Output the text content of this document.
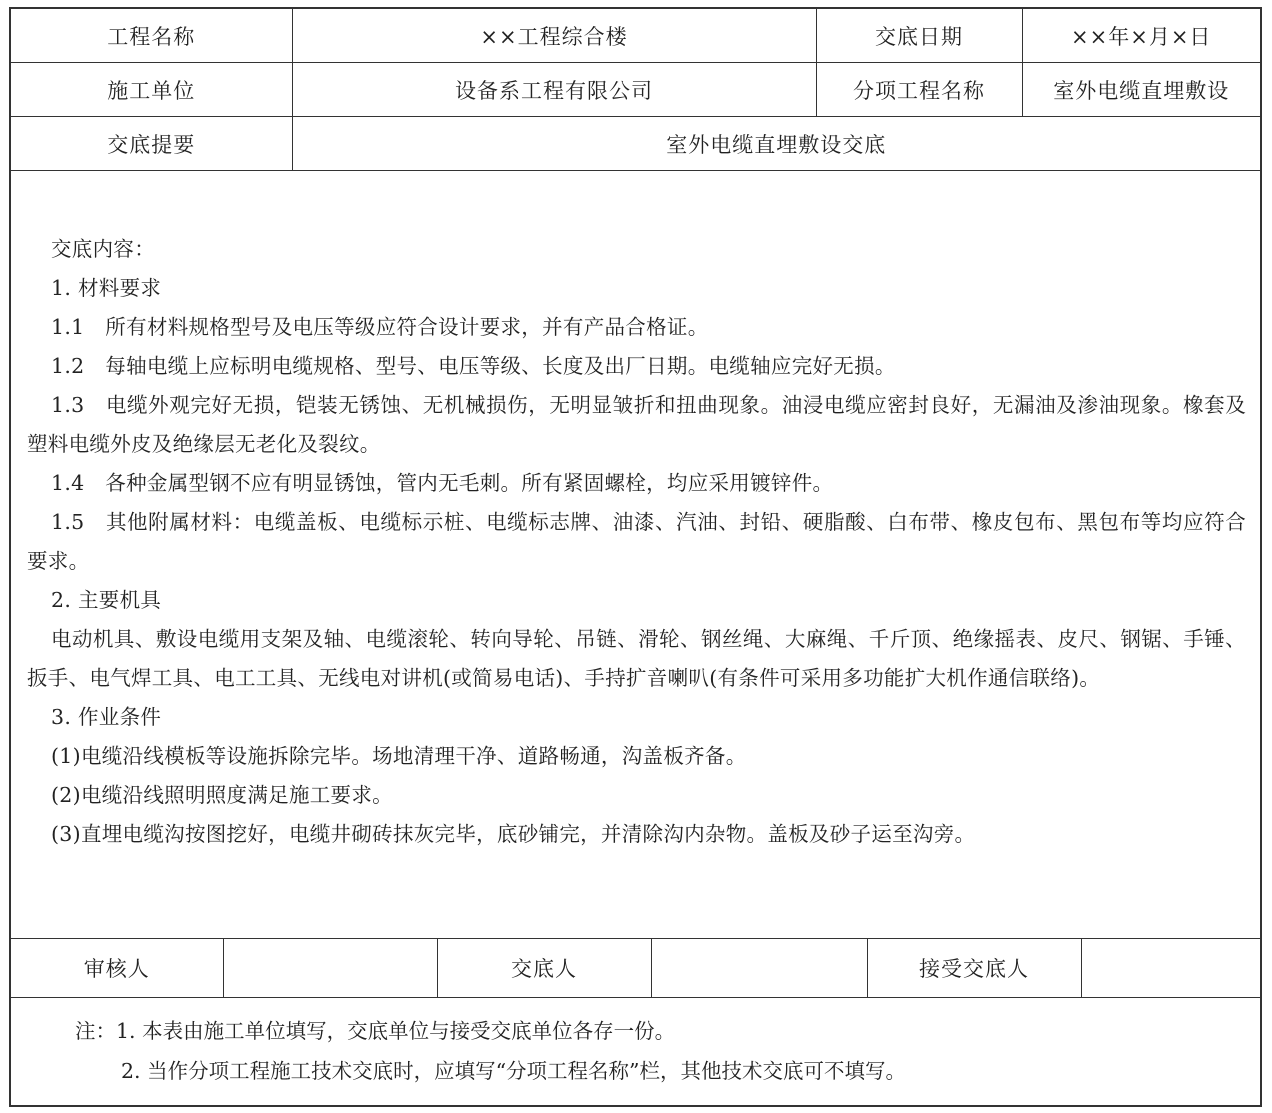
工程名称	××工程综合楼	交底日期	××年×月×日
施工单位	设备系工程有限公司	分项工程名称	室外电缆直埋敷设
交底提要	室外电缆直埋敷设交底		

交底内容：

1. 材料要求

1.1　所有材料规格型号及电压等级应符合设计要求，并有产品合格证。

1.2　每轴电缆上应标明电缆规格、型号、电压等级、长度及出厂日期。电缆轴应完好无损。

1.3　电缆外观完好无损，铠装无锈蚀、无机械损伤，无明显皱折和扭曲现象。油浸电缆应密封良好，无漏油及渗油现象。橡套及塑料电缆外皮及绝缘层无老化及裂纹。

1.4　各种金属型钢不应有明显锈蚀，管内无毛刺。所有紧固螺栓，均应采用镀锌件。

1.5　其他附属材料：电缆盖板、电缆标示桩、电缆标志牌、油漆、汽油、封铅、硬脂酸、白布带、橡皮包布、黑包布等均应符合要求。

2. 主要机具

电动机具、敷设电缆用支架及轴、电缆滚轮、转向导轮、吊链、滑轮、钢丝绳、大麻绳、千斤顶、绝缘摇表、皮尺、钢锯、手锤、扳手、电气焊工具、电工工具、无线电对讲机(或简易电话)、手持扩音喇叭(有条件可采用多功能扩大机作通信联络)。

3. 作业条件

(1)电缆沿线模板等设施拆除完毕。场地清理干净、道路畅通，沟盖板齐备。

(2)电缆沿线照明照度满足施工要求。

(3)直埋电缆沟按图挖好，电缆井砌砖抹灰完毕，底砂铺完，并清除沟内杂物。盖板及砂子运至沟旁。

审核人		交底人		接受交底人	

注：1. 本表由施工单位填写，交底单位与接受交底单位各存一份。

2. 当作分项工程施工技术交底时，应填写“分项工程名称”栏，其他技术交底可不填写。
